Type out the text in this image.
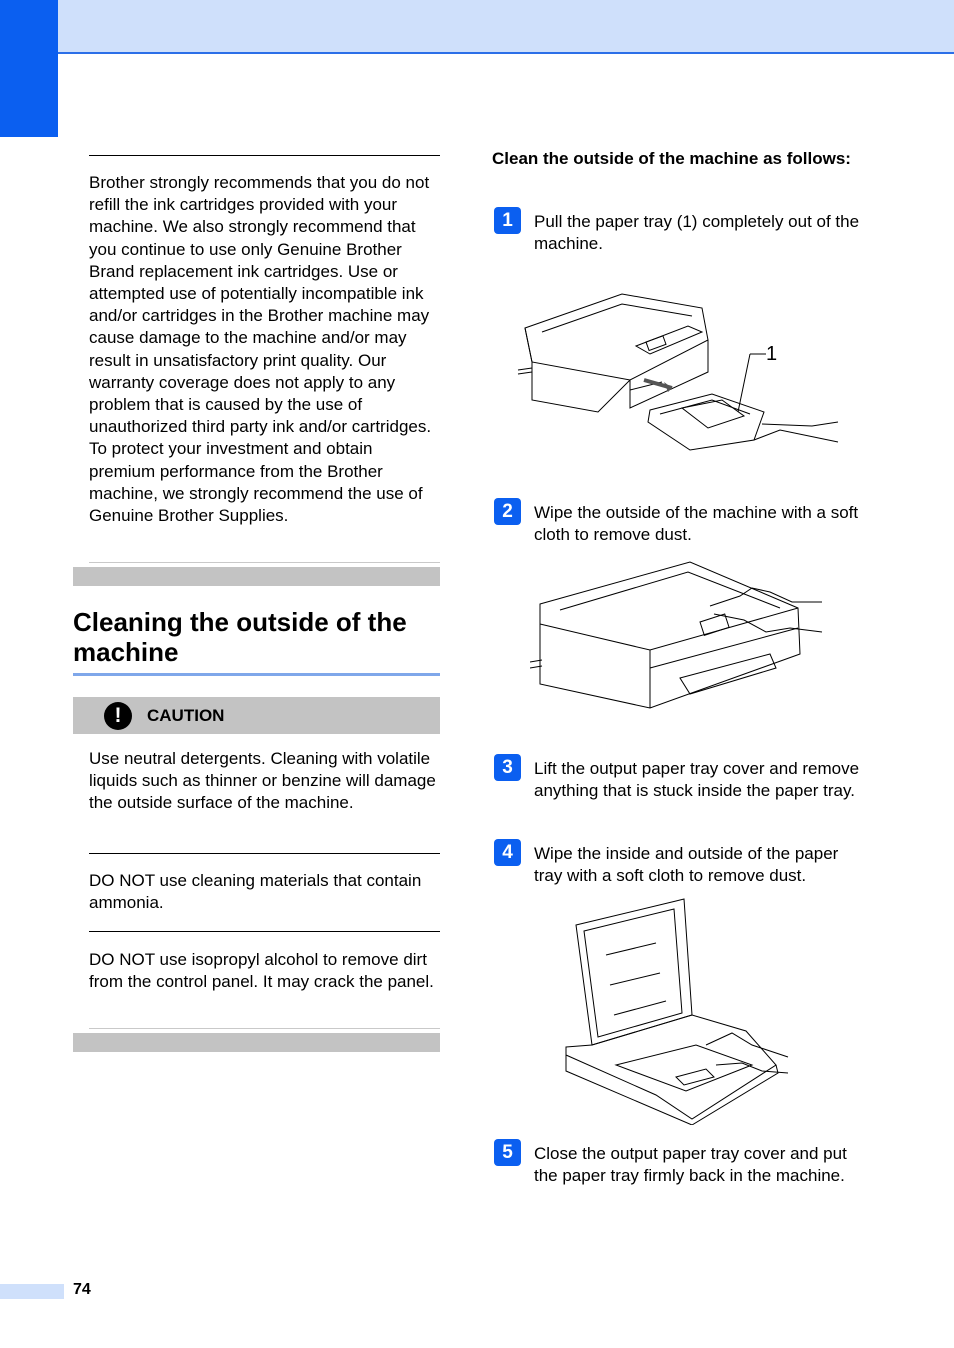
Brother strongly recommends that you do not refill the ink cartridges provided with your machine. We also strongly recommend that you continue to use only Genuine Brother Brand replacement ink cartridges. Use or attempted use of potentially incompatible ink and/or cartridges in the Brother machine may cause damage to the machine and/or may result in unsatisfactory print quality. Our warranty coverage does not apply to any problem that is caused by the use of unauthorized third party ink and/or cartridges. To protect your investment and obtain premium performance from the Brother machine, we strongly recommend the use of Genuine Brother Supplies.
Cleaning the outside of the machine
!	CAUTION
Use neutral detergents. Cleaning with volatile liquids such as thinner or benzine will damage the outside surface of the machine.
DO NOT use cleaning materials that contain ammonia.
DO NOT use isopropyl alcohol to remove dirt from the control panel. It may crack the panel.
Clean the outside of the machine as follows:
1	Pull the paper tray (1) completely out of the machine.
1
2	Wipe the outside of the machine with a soft cloth to remove dust.
3	Lift the output paper tray cover and remove anything that is stuck inside the paper tray.
4	Wipe the inside and outside of the paper tray with a soft cloth to remove dust.
5	Close the output paper tray cover and put the paper tray firmly back in the machine.
74
